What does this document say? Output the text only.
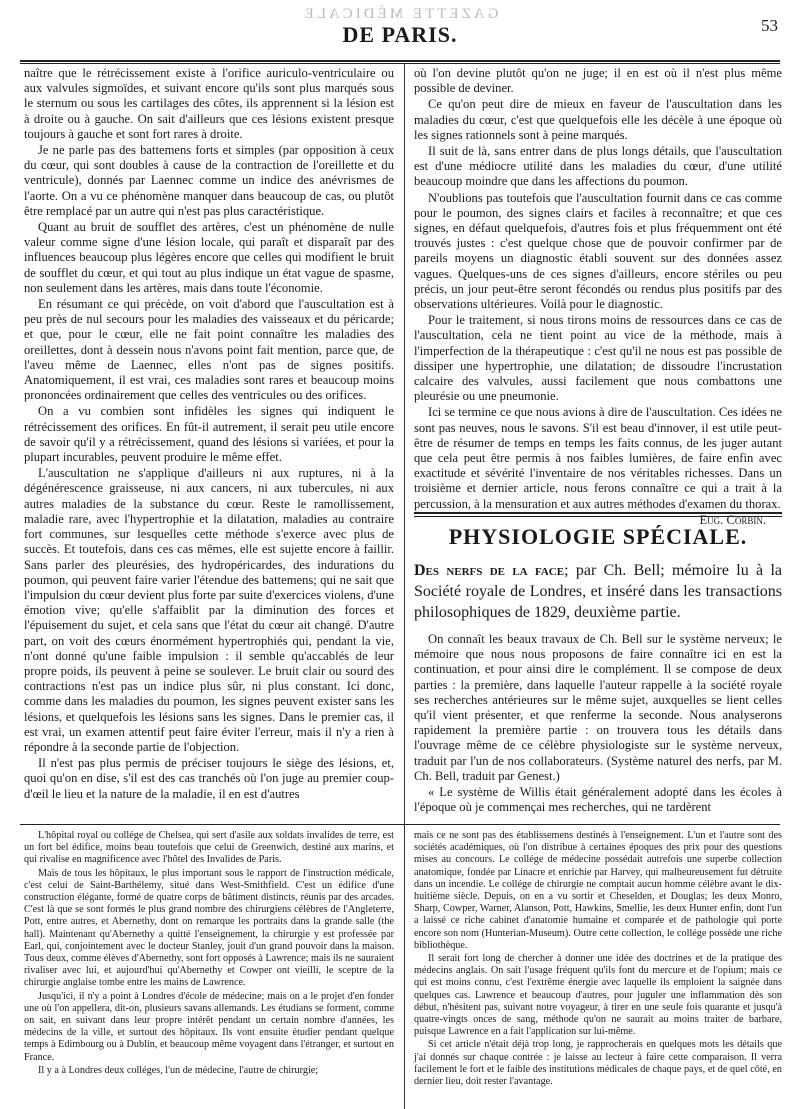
GAZETTE MÉDICALE
DE PARIS.	53

naître que le rétrécissement existe à l'orifice auriculo-ventriculaire ou aux valvules sigmoïdes, et suivant encore qu'ils sont plus marqués sous le sternum ou sous les cartilages des côtes, ils apprennent si la lésion est à droite ou à gauche. On sait d'ailleurs que ces lésions existent presque toujours à gauche et sont fort rares à droite.

Je ne parle pas des battemens forts et simples (par opposition à ceux du cœur, qui sont doubles à cause de la contraction de l'oreillette et du ventricule), donnés par Laennec comme un indice des anévrismes de l'aorte. On a vu ce phénomène manquer dans beaucoup de cas, ou plutôt être remplacé par un autre qui n'est pas plus caractéristique.

Quant au bruit de soufflet des artères, c'est un phénomène de nulle valeur comme signe d'une lésion locale, qui paraît et disparaît par des influences beaucoup plus légères encore que celles qui modifient le bruit de soufflet du cœur, et qui tout au plus indique un état vague de spasme, non seulement dans les artères, mais dans toute l'économie.

En résumant ce qui précède, on voit d'abord que l'auscultation est à peu près de nul secours pour les maladies des vaisseaux et du péricarde; et que, pour le cœur, elle ne fait point connaître les maladies des oreillettes, dont à dessein nous n'avons point fait mention, parce que, de l'aveu même de Laennec, elles n'ont pas de signes positifs. Anatomiquement, il est vrai, ces maladies sont rares et beaucoup moins prononcées ordinairement que celles des ventricules ou des orifices.

On a vu combien sont infidèles les signes qui indiquent le rétrécissement des orifices. En fût-il autrement, il serait peu utile encore de savoir qu'il y a rétrécissement, quand des lésions si variées, et pour la plupart incurables, peuvent produire le même effet.

L'auscultation ne s'applique d'ailleurs ni aux ruptures, ni à la dégénérescence graisseuse, ni aux cancers, ni aux tubercules, ni aux autres maladies de la substance du cœur. Reste le ramollissement, maladie rare, avec l'hypertrophie et la dilatation, maladies au contraire fort communes, sur lesquelles cette méthode s'exerce avec plus de succès. Et toutefois, dans ces cas mêmes, elle est sujette encore à faillir. Sans parler des pleurésies, des hydropéricardes, des indurations du poumon, qui peuvent faire varier l'étendue des battemens; qui ne sait que l'impulsion du cœur devient plus forte par suite d'exercices violens, d'une émotion vive; qu'elle s'affaiblit par la diminution des forces et l'épuisement du sujet, et cela sans que l'état du cœur ait changé. D'autre part, on voit des cœurs énormément hypertrophiés qui, pendant la vie, n'ont donné qu'une faible impulsion : il semble qu'accablés de leur propre poids, ils peuvent à peine se soulever. Le bruit clair ou sourd des contractions n'est pas un indice plus sûr, ni plus constant. Ici donc, comme dans les maladies du poumon, les signes peuvent exister sans les lésions, et quelquefois les lésions sans les signes. Dans le premier cas, il est vrai, un examen attentif peut faire éviter l'erreur, mais il n'y a rien à répondre à la seconde partie de l'objection.

Il n'est pas plus permis de préciser toujours le siège des lésions, et, quoi qu'on en dise, s'il est des cas tranchés où l'on juge au premier coup-d'œil le lieu et la nature de la maladie, il en est d'autres

où l'on devine plutôt qu'on ne juge; il en est où il n'est plus même possible de deviner.

Ce qu'on peut dire de mieux en faveur de l'auscultation dans les maladies du cœur, c'est que quelquefois elle les décèle à une époque où les signes rationnels sont à peine marqués.

Il suit de là, sans entrer dans de plus longs détails, que l'auscultation est d'une médiocre utilité dans les maladies du cœur, d'une utilité beaucoup moindre que dans les affections du poumon.

N'oublions pas toutefois que l'auscultation fournit dans ce cas comme pour le poumon, des signes clairs et faciles à reconnaître; et que ces signes, en défaut quelquefois, d'autres fois et plus fréquemment ont été trouvés justes : c'est quelque chose que de pouvoir confirmer par de pareils moyens un diagnostic établi souvent sur des données assez vagues. Quelques-uns de ces signes d'ailleurs, encore stériles ou peu précis, un jour peut-être seront fécondés ou rendus plus positifs par des observations ultérieures. Voilà pour le diagnostic.

Pour le traitement, si nous tirons moins de ressources dans ce cas de l'auscultation, cela ne tient point au vice de la méthode, mais à l'imperfection de la thérapeutique : c'est qu'il ne nous est pas possible de dissiper une hypertrophie, une dilatation; de dissoudre l'incrustation calcaire des valvules, aussi facilement que nous combattons une pleurésie ou une pneumonie.

Ici se termine ce que nous avions à dire de l'auscultation. Ces idées ne sont pas neuves, nous le savons. S'il est beau d'innover, il est utile peut-être de résumer de temps en temps les faits connus, de les juger autant que cela peut être permis à nos faibles lumières, de faire enfin avec exactitude et sévérité l'inventaire de nos véritables richesses. Dans un troisième et dernier article, nous ferons connaître ce qui a trait à la percussion, à la mensuration et aux autres méthodes d'examen du thorax.

Eug. Corbin.

PHYSIOLOGIE SPÉCIALE.
Des nerfs de la face; par Ch. Bell; mémoire lu à la Société royale de Londres, et inséré dans les transactions philosophiques de 1829, deuxième partie.

On connaît les beaux travaux de Ch. Bell sur le système nerveux; le mémoire que nous nous proposons de faire connaître ici en est la continuation, et pour ainsi dire le complément. Il se compose de deux parties : la première, dans laquelle l'auteur rappelle à la société royale ses recherches antérieures sur le même sujet, auxquelles se lient celles qu'il vient présenter, et que renferme la seconde. Nous analyserons rapidement la première partie : on trouvera tous les détails dans l'ouvrage même de ce célèbre physiologiste sur le système nerveux, traduit par l'un de nos collaborateurs. (Système naturel des nerfs, par M. Ch. Bell, traduit par Genest.)

« Le système de Willis était généralement adopté dans les écoles à l'époque où je commençai mes recherches, qui ne tardèrent

L'hôpital royal ou collége de Chelsea, qui sert d'asile aux soldats invalides de terre, est un fort bel édifice, moins beau toutefois que celui de Greenwich, destiné aux marins, et qui rivalise en magnificence avec l'hôtel des Invalides de Paris.

Mais de tous les hôpitaux, le plus important sous le rapport de l'instruction médicale, c'est celui de Saint-Barthélemy, situé dans West-Smithfield. C'est un édifice d'une construction élégante, formé de quatre corps de bâtiment distincts, réunis par des arcades. C'est là que se sont formés le plus grand nombre des chirurgiens célèbres de l'Angleterre, Pott, entre autres, et Abernethy, dont on remarque les portraits dans la grande salle (the hall). Maintenant qu'Abernethy a quitté l'enseignement, la chirurgie y est professée par Earl, qui, conjointement avec le docteur Stanley, jouit d'un grand pouvoir dans la maison. Tous deux, comme élèves d'Abernethy, sont fort opposés à Lawrence; mais ils ne sauraient rivaliser avec lui, et aujourd'hui qu'Abernethy et Cowper ont vieilli, le sceptre de la chirurgie anglaise tombe entre les mains de Lawrence.

Jusqu'ici, il n'y a point à Londres d'école de médecine; mais on a le projet d'en fonder une où l'on appellera, dit-on, plusieurs savans allemands. Les étudians se forment, comme on sait, en suivant dans leur propre intérêt pendant un certain nombre d'années, les médecins de la ville, et surtout des hôpitaux. Ils vont ensuite étudier pendant quelque temps à Edimbourg ou à Dublin, et beaucoup même voyagent dans l'étranger, et surtout en France.

Il y a à Londres deux colléges, l'un de médecine, l'autre de chirurgie;

mais ce ne sont pas des établissemens destinés à l'enseignement. L'un et l'autre sont des sociétés académiques, où l'on distribue à certaines époques des prix pour des questions mises au concours. Le collége de médecine possédait autrefois une superbe collection anatomique, fondée par Linacre et enrichie par Harvey, qui malheureusement fut détruite dans un incendie. Le collége de chirurgie ne comptait aucun homme célèbre avant le dix-huitième siècle. Depuis, on en a vu sortir et Cheselden, et Douglas; les deux Monro, Sharp, Cowper, Warner, Alanson, Pott, Hawkins, Smellie, les deux Hunter enfin, dont l'un a laissé ce riche cabinet d'anatomie humaine et comparée et de pathologie qui porte encore son nom (Hunterian-Museum). Outre cette collection, le collége possède une riche bibliothèque.

Il serait fort long de chercher à donner une idée des doctrines et de la pratique des médecins anglais. On sait l'usage fréquent qu'ils font du mercure et de l'opium; mais ce qui est moins connu, c'est l'extrême énergie avec laquelle ils emploient la saignée dans quelques cas. Lawrence et beaucoup d'autres, pour juguler une inflammation dès son début, n'hésitent pas, suivant notre voyageur, à tirer en une seule fois quarante et jusqu'à quatre-vingts onces de sang, méthode qu'on ne saurait au moins traiter de barbare, puisque Lawrence en a fait l'application sur lui-même.

Si cet article n'était déjà trop long, je rapprocherais en quelques mots les détails que j'ai donnés sur chaque contrée : je laisse au lecteur à faire cette comparaison. Il verra facilement le fort et le faible des institutions médicales de chaque pays, et de quel côté, en dernier lieu, doit rester l'avantage.
